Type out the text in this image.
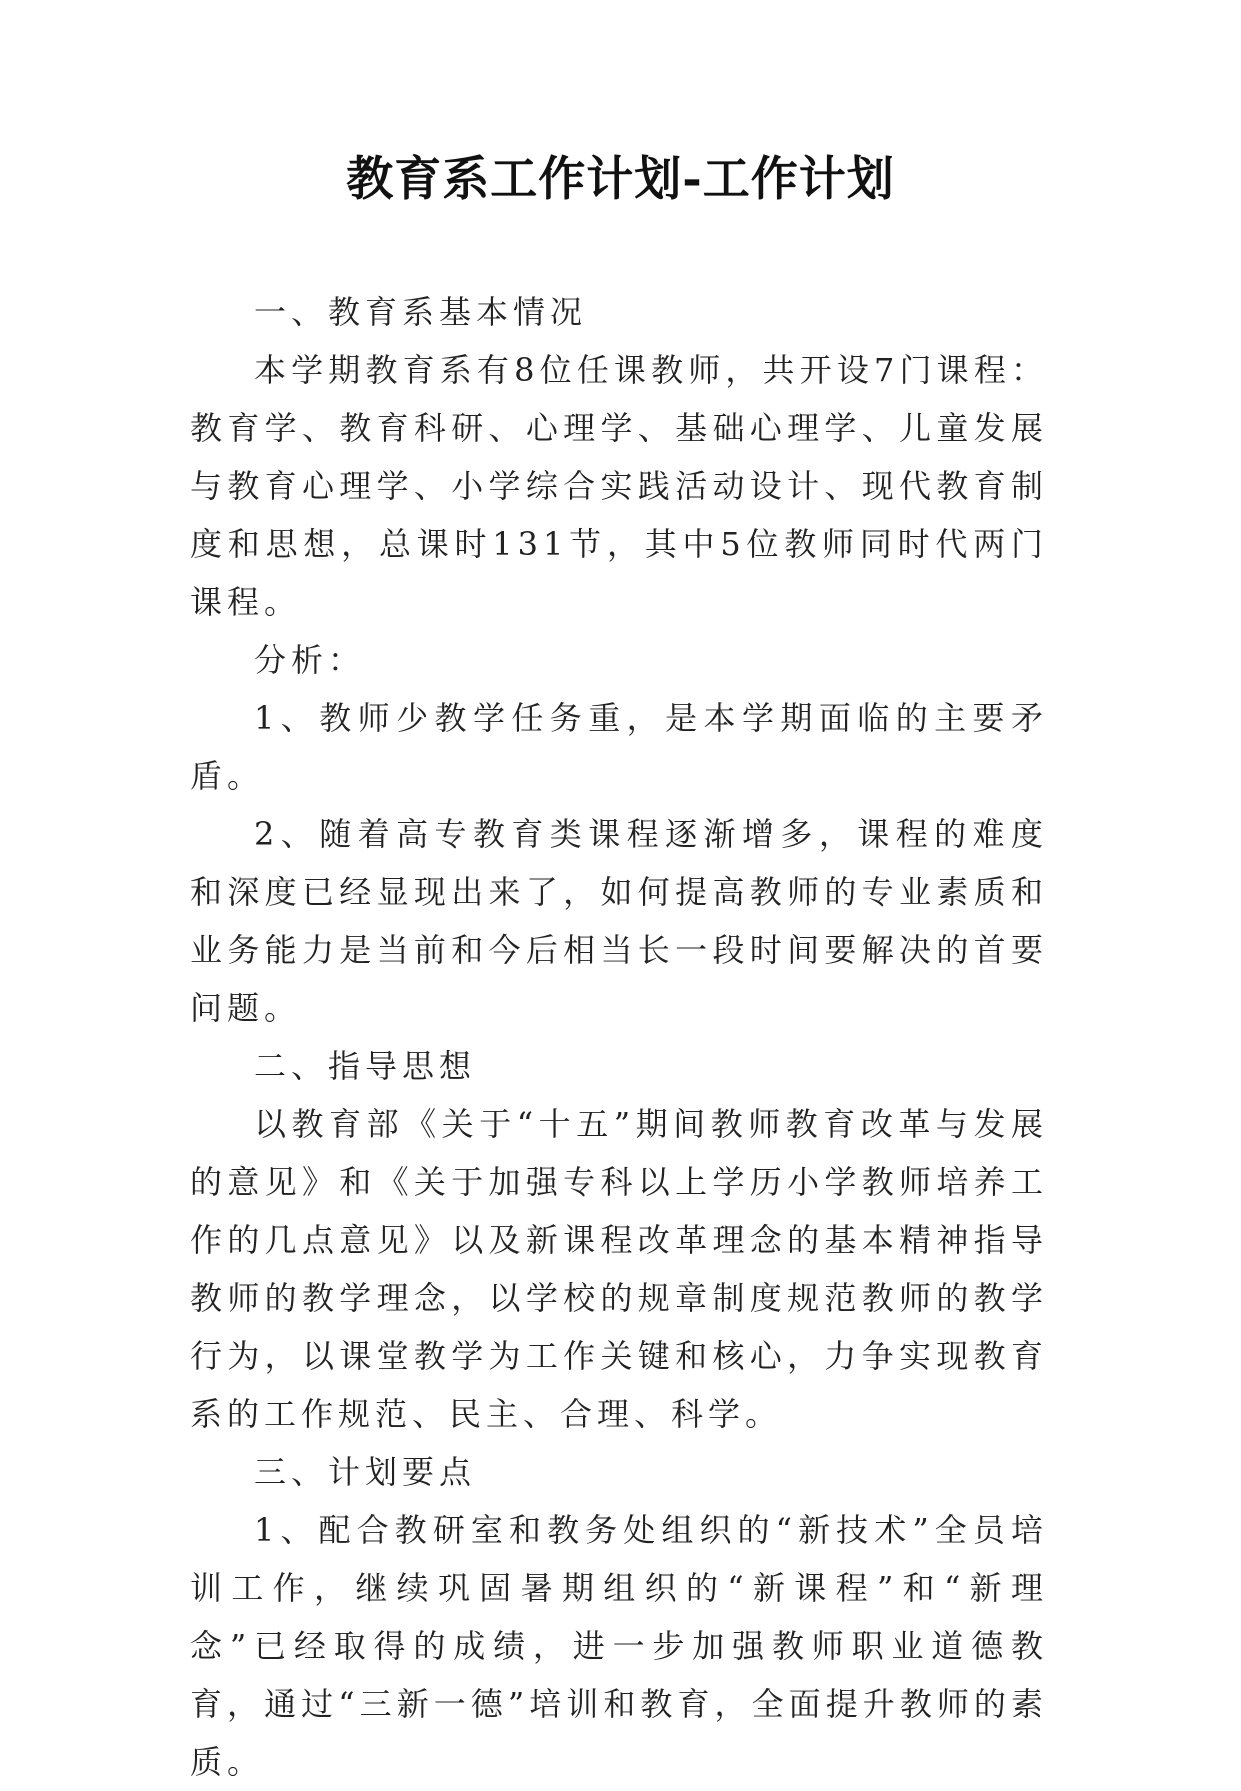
教育系工作计划-工作计划

一、教育系基本情况

本学期教育系有8位任课教师，共开设7门课程：教育学、教育科研、心理学、基础心理学、儿童发展与教育心理学、小学综合实践活动设计、现代教育制度和思想，总课时131节，其中5位教师同时代两门课程。

分析：

1、教师少教学任务重，是本学期面临的主要矛盾。

2、随着高专教育类课程逐渐增多，课程的难度和深度已经显现出来了，如何提高教师的专业素质和业务能力是当前和今后相当长一段时间要解决的首要问题。

二、指导思想

以教育部《关于“十五”期间教师教育改革与发展的意见》和《关于加强专科以上学历小学教师培养工作的几点意见》以及新课程改革理念的基本精神指导教师的教学理念，以学校的规章制度规范教师的教学行为，以课堂教学为工作关键和核心，力争实现教育系的工作规范、民主、合理、科学。

三、计划要点

1、配合教研室和教务处组织的“新技术”全员培训工作，继续巩固暑期组织的“新课程”和“新理念”已经取得的成绩，进一步加强教师职业道德教育，通过“三新一德”培训和教育，全面提升教师的素质。
